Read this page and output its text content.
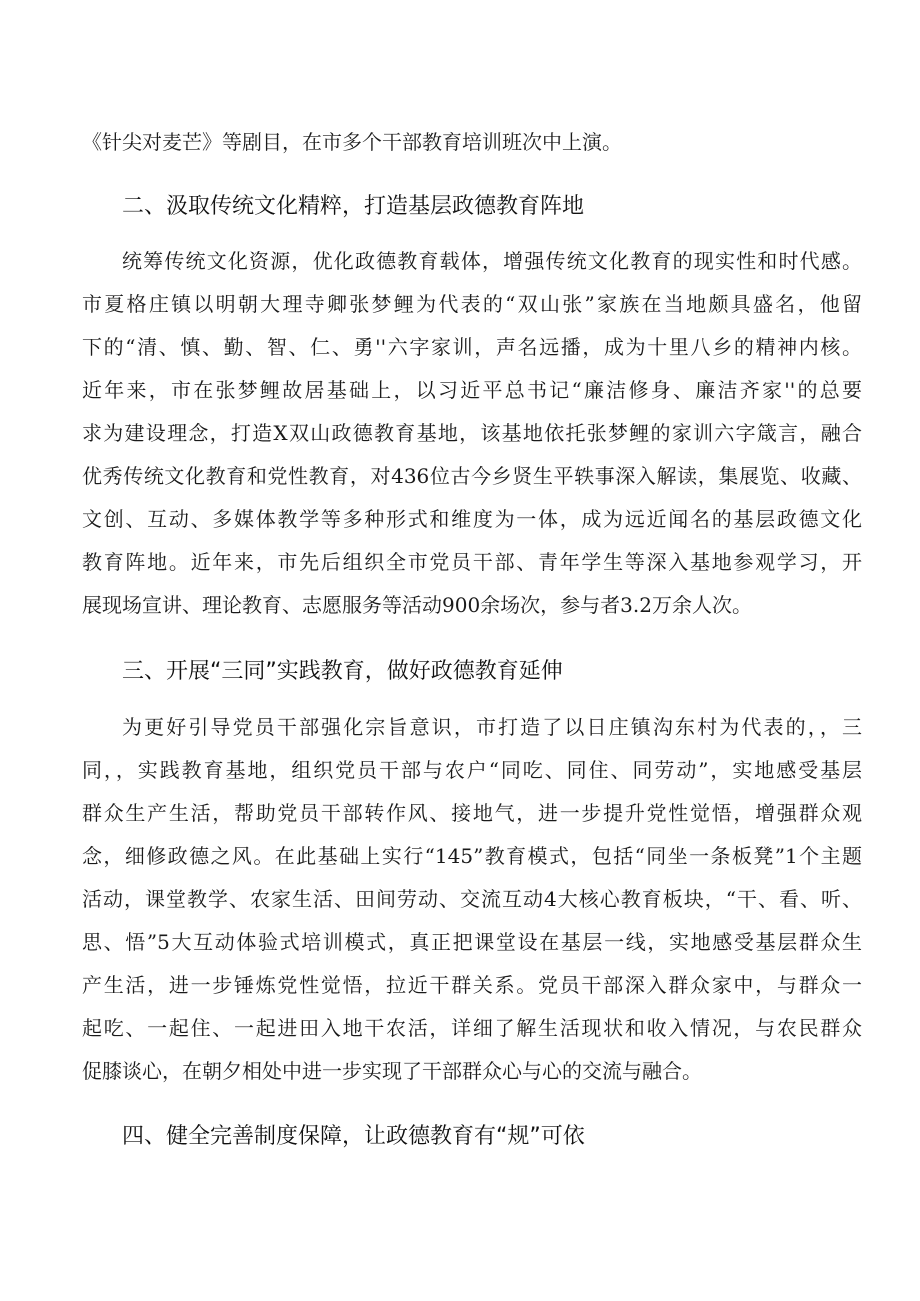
《针尖对麦芒》等剧目，在市多个干部教育培训班次中上演。
二、汲取传统文化精粹，打造基层政德教育阵地
统筹传统文化资源，优化政德教育载体，增强传统文化教育的现实性和时代感。
市夏格庄镇以明朝大理寺卿张梦鲤为代表的“双山张”家族在当地颇具盛名，他留
下的“清、慎、勤、智、仁、勇''六字家训，声名远播，成为十里八乡的精神内核。
近年来，市在张梦鲤故居基础上，以习近平总书记“廉洁修身、廉洁齐家''的总要
求为建设理念，打造X双山政德教育基地，该基地依托张梦鲤的家训六字箴言，融合
优秀传统文化教育和党性教育，对436位古今乡贤生平轶事深入解读，集展览、收藏、
文创、互动、多媒体教学等多种形式和维度为一体，成为远近闻名的基层政德文化
教育阵地。近年来，市先后组织全市党员干部、青年学生等深入基地参观学习，开
展现场宣讲、理论教育、志愿服务等活动900余场次，参与者3.2万余人次。
三、开展“三同”实践教育，做好政德教育延伸
为更好引导党员干部强化宗旨意识，市打造了以日庄镇沟东村为代表的，，三
同，，实践教育基地，组织党员干部与农户“同吃、同住、同劳动”，实地感受基层
群众生产生活，帮助党员干部转作风、接地气，进一步提升党性觉悟，增强群众观
念，细修政德之风。在此基础上实行“145”教育模式，包括“同坐一条板凳”1个主题
活动，课堂教学、农家生活、田间劳动、交流互动4大核心教育板块，“干、看、听、
思、悟”5大互动体验式培训模式，真正把课堂设在基层一线，实地感受基层群众生
产生活，进一步锤炼党性觉悟，拉近干群关系。党员干部深入群众家中，与群众一
起吃、一起住、一起进田入地干农活，详细了解生活现状和收入情况，与农民群众
促膝谈心，在朝夕相处中进一步实现了干部群众心与心的交流与融合。
四、健全完善制度保障，让政德教育有“规”可依
